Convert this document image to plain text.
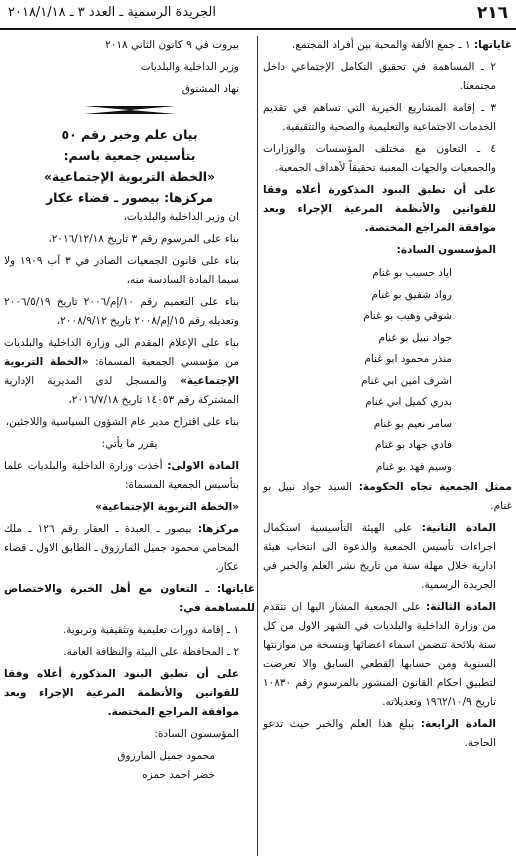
٢١٦
الجريدة الرسمية ـ العدد ٣ ـ ٢٠١٨/١/١٨

غاياتها: ١ ـ جمع الألفة والمحبة بين أفراد المجتمع.

٢ ـ المساهمة في تحقيق التكامل الإجتماعي داخل مجتمعنا.

٣ ـ إقامة المشاريع الخيرية التي تساهم في تقديم الخدمات الاجتماعية والتعليمية والصحية والتثقيفية.

٤ ـ التعاون مع مختلف المؤسسات والوزارات والجمعيات والجهات المعنية تحقيقاً لأهداف الجمعية.

على أن تطبق البنود المذكورة أعلاه وفقا للقوانين والأنظمة المرعية الإجراء وبعد موافقة المراجع المختصة.

المؤسسون السادة:

اياد حسيب بو غنام

رواد شفيق بو غنام

شوقي وهيب بو غنام

جواد نبيل بو غنام

منذر محمود ابو غنام

اشرف امين ابي غنام

بدري كميل ابي غنام

سامر نعيم بو غنام

فادي جهاد بو غنام

وسيم فهد بو غنام

ممثل الجمعية تجاه الحكومة: السيد جواد نبيل بو غنام.

المادة الثانية: على الهيئة التأسيسية استكمال اجراءات تأسيس الجمعية والدعوة الى انتخاب هيئة ادارية خلال مهلة سنة من تاريخ نشر العلم والخبر في الجريدة الرسمية.

المادة الثالثة: على الجمعية المشار اليها ان تتقدم من وزارة الداخلية والبلديات في الشهر الاول من كل سنة بلائحة تتضمن اسماء اعضائها وبنسخة من موازنتها السنوية ومن حسابها القطعي السابق والا تعرضت لتطبيق احكام القانون المنشور بالمرسوم رقم ١٠٨٣٠ تاريخ ١٩٦٢/١٠/٩ وتعديلاته.

المادة الرابعة: يبلغ هذا العلم والخبر حيث تدعو الحاجة.

بيروت في ٩ كانون الثاني ٢٠١٨

وزير الداخلية والبلديات

نهاد المشنوق

بيان علم وخبر رقم ٥٠
بتأسيس جمعية باسم:
«الخطة التربوية الإجتماعية»
مركزها: بيصور ـ قضاء عكار

ان وزير الداخلية والبلديات،

بناء على المرسوم رقم ٣ تاريخ ٢٠١٦/١٢/١٨،

بناء على قانون الجمعيات الصادر في ٣ آب ١٩٠٩ ولا سيما المادة السادسة منه،

بناء على التعميم رقم ١٠/إم/٢٠٠٦ تاريخ ٢٠٠٦/٥/١٩ وتعديله رقم ١٥/إم/٢٠٠٨ تاريخ ٢٠٠٨/٩/١٢،

بناء على الإعلام المقدم الى وزارة الداخلية والبلديات من مؤسسي الجمعية المسماة: «الخطة التربوية الإجتماعية» والمسجل لدى المديرية الإدارية المشتركة رقم ١٤٠٥٣ تاريخ ٢٠١٦/٧/١٨،

بناء على اقتراح مدير عام الشؤون السياسية واللاجئين،

يقرر ما يأتي:

المادة الاولى: أخذت وزارة الداخلية والبلديات علما بتأسيس الجمعية المسماة:

«الخطة التربوية الإجتماعية»

مركزها: بيصور ـ العبدة ـ العقار رقم ١٢٦ ـ ملك المحامي محمود جميل المارزوق ـ الطابق الاول ـ قضاء عكار.

غاياتها: ـ التعاون مع أهل الخبرة والاختصاص للمساهمة في:

١ ـ إقامة دورات تعليمية وتثقيفية وتربوية.

٢ ـ المحافظة على البيئة والنظافة العامة.

على أن تطبق البنود المذكورة أعلاه وفقا للقوانين والأنظمة المرعية الإجراء وبعد موافقة المراجع المختصة.

المؤسسون السادة:

محمود جميل المارزوق

خضر احمد حمزه
